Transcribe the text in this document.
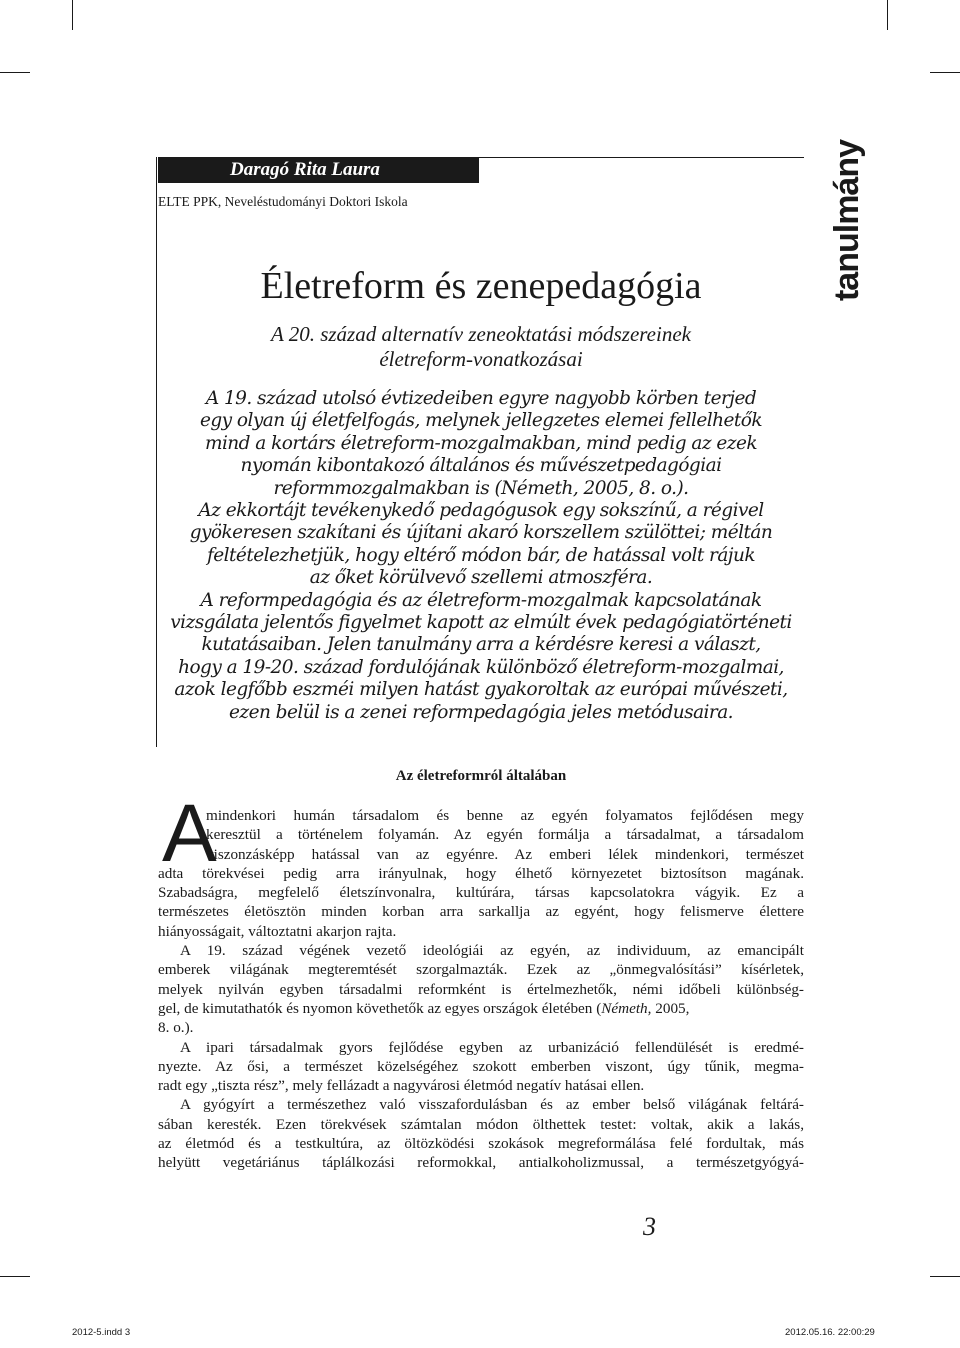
Daragó Rita Laura
ELTE PPK, Neveléstudományi Doktori Iskola	tanulmány
Életreform és zenepedagógia
A 20. század alternatív zeneoktatási módszereinek
életreform-vonatkozásai
A 19. század utolsó évtizedeiben egyre nagyobb körben terjed
egy olyan új életfelfogás, melynek jellegzetes elemei fellelhetők
mind a kortárs életreform-mozgalmakban, mind pedig az ezek
nyomán kibontakozó általános és művészetpedagógiai
reformmozgalmakban is (Németh, 2005, 8. o.).
Az ekkortájt tevékenykedő pedagógusok egy sokszínű, a régivel
gyökeresen szakítani és újítani akaró korszellem szülöttei; méltán
feltételezhetjük, hogy eltérő módon bár, de hatással volt rájuk
az őket körülvevő szellemi atmoszféra.
A reformpedagógia és az életreform-mozgalmak kapcsolatának
vizsgálata jelentős figyelmet kapott az elmúlt évek pedagógiatörténeti
kutatásaiban. Jelen tanulmány arra a kérdésre keresi a választ,
hogy a 19-20. század fordulójának különböző életreform-mozgalmai,
azok legfőbb eszméi milyen hatást gyakoroltak az európai művészeti,
ezen belül is a zenei reformpedagógia jeles metódusaira.
Az életreformról általában
A
mindenkori humán társadalom és benne az egyén folyamatos fejlődésen megy
keresztül a történelem folyamán. Az egyén formálja a társadalmat, a társadalom
viszonzásképp hatással van az egyénre. Az emberi lélek mindenkori, természet
adta törekvései pedig arra irányulnak, hogy élhető környezetet biztosítson magának.
Szabadságra, megfelelő életszínvonalra, kultúrára, társas kapcsolatokra vágyik. Ez a
természetes életösztön minden korban arra sarkallja az egyént, hogy felismerve élettere
hiányosságait, változtatni akarjon rajta.
A 19. század végének vezető ideológiái az egyén, az individuum, az emancipált
emberek világának megteremtését szorgalmazták. Ezek az „önmegvalósítási” kísérletek,
melyek nyilván egyben társadalmi reformként is értelmezhetők, némi időbeli különbség-
gel, de kimutathatók és nyomon követhetők az egyes országok életében (Németh, 2005,
8. o.).
A ipari társadalmak gyors fejlődése egyben az urbanizáció fellendülését is eredmé-
nyezte. Az ősi, a természet közelségéhez szokott emberben viszont, úgy tűnik, megma-
radt egy „tiszta rész”, mely fellázadt a nagyvárosi életmód negatív hatásai ellen.
A gyógyírt a természethez való visszafordulásban és az ember belső világának feltárá-
sában keresték. Ezen törekvések számtalan módon ölthettek testet: voltak, akik a lakás,
az életmód és a testkultúra, az öltözködési szokások megreformálása felé fordultak, más
helyütt vegetáriánus táplálkozási reformokkal, antialkoholizmussal, a természetgyógyá-
3
2012-5.indd 3	2012.05.16. 22:00:29
